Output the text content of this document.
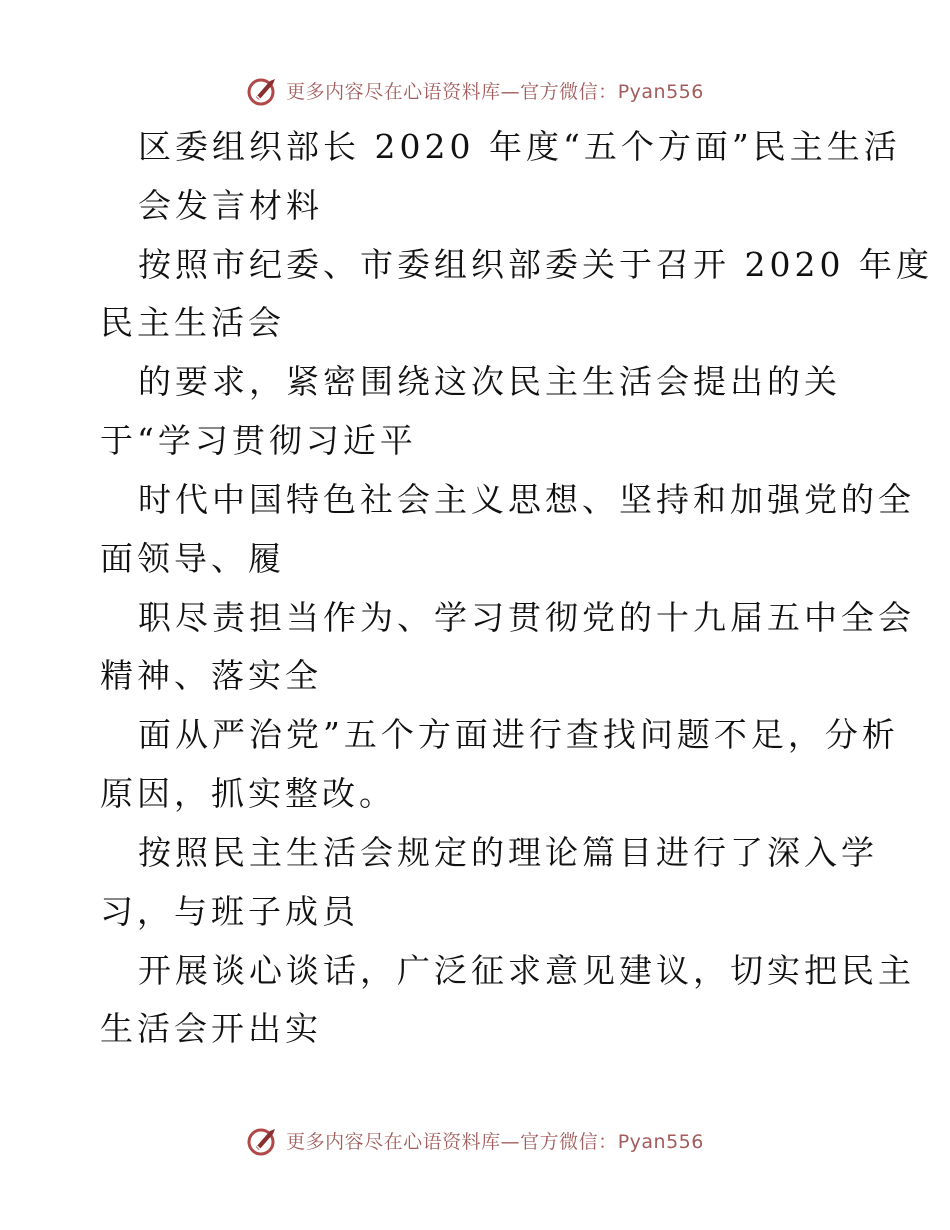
更多内容尽在心语资料库—官方微信：Pyan556
区委组织部长 2020 年度“五个方面”民主生活
会发言材料
按照市纪委、市委组织部委关于召开 2020 年度
民主生活会
的要求，紧密围绕这次民主生活会提出的关
于“学习贯彻习近平
时代中国特色社会主义思想、坚持和加强党的全
面领导、履
职尽责担当作为、学习贯彻党的十九届五中全会
精神、落实全
面从严治党”五个方面进行查找问题不足，分析
原因，抓实整改。
按照民主生活会规定的理论篇目进行了深入学
习，与班子成员
开展谈心谈话，广泛征求意见建议，切实把民主
生活会开出实
更多内容尽在心语资料库—官方微信：Pyan556
